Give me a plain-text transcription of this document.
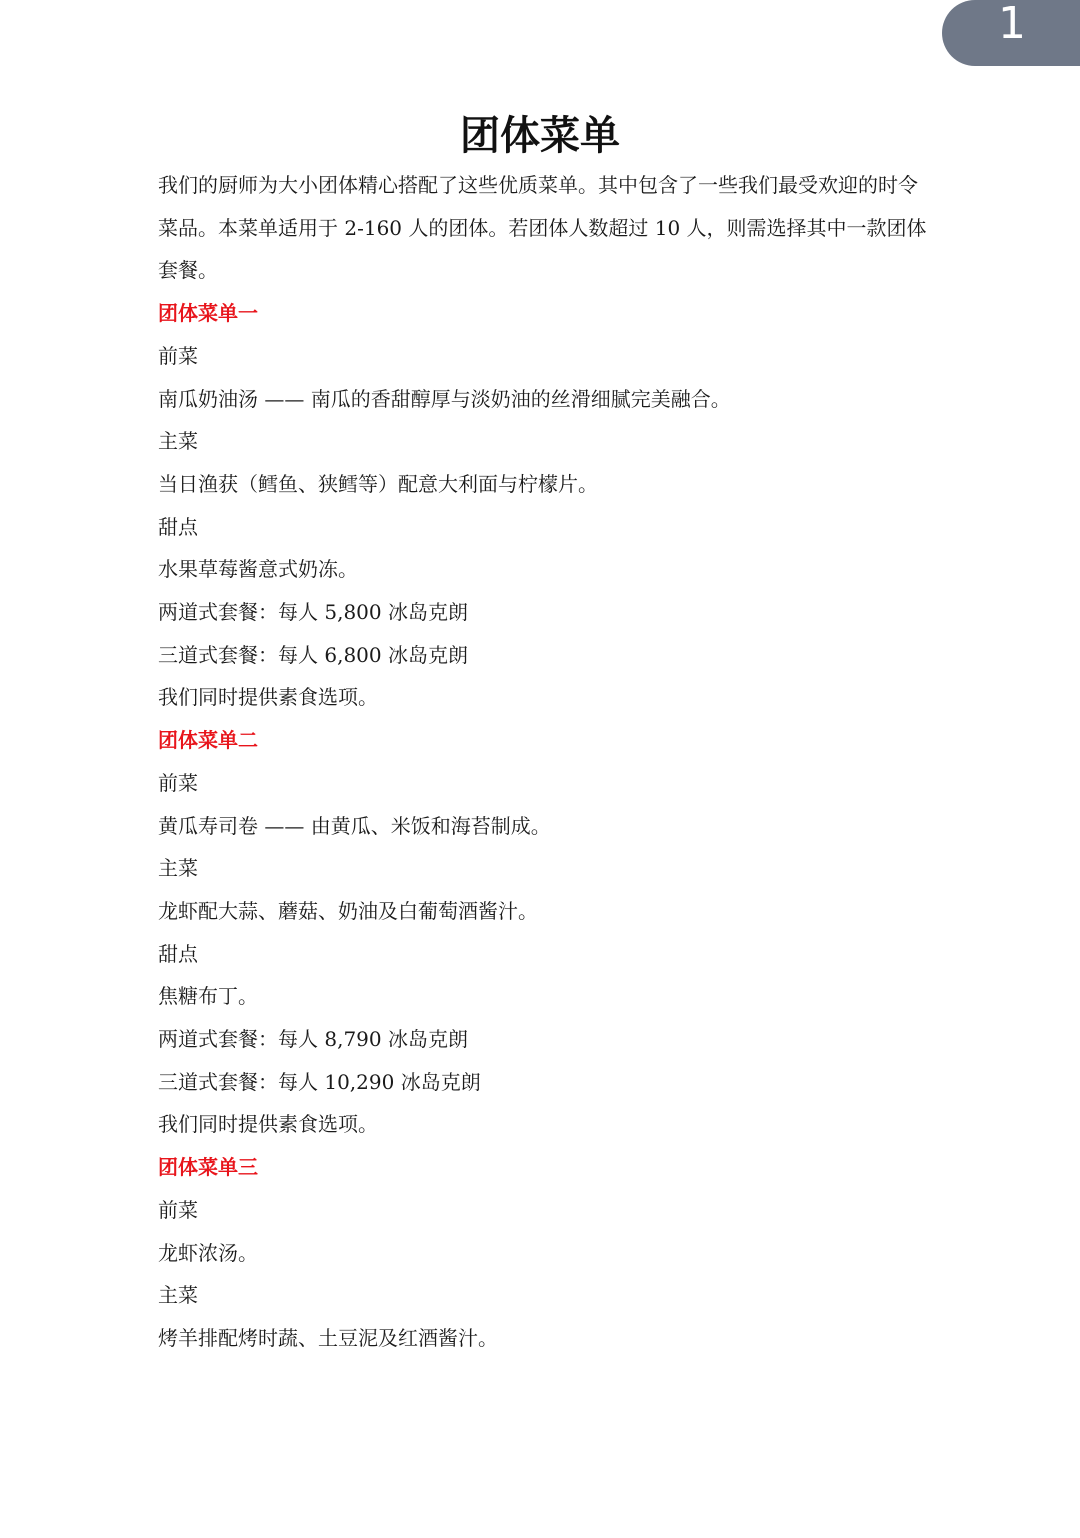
1
团体菜单

我们的厨师为大小团体精心搭配了这些优质菜单。其中包含了一些我们最受欢迎的时令菜品。本菜单适用于 2-160 人的团体。若团体人数超过 10 人，则需选择其中一款团体套餐。

团体菜单一

前菜

南瓜奶油汤 —— 南瓜的香甜醇厚与淡奶油的丝滑细腻完美融合。

主菜

当日渔获（鳕鱼、狭鳕等）配意大利面与柠檬片。

甜点

水果草莓酱意式奶冻。

两道式套餐：每人 5,800 冰岛克朗

三道式套餐：每人 6,800 冰岛克朗

我们同时提供素食选项。

团体菜单二

前菜

黄瓜寿司卷 —— 由黄瓜、米饭和海苔制成。

主菜

龙虾配大蒜、蘑菇、奶油及白葡萄酒酱汁。

甜点

焦糖布丁。

两道式套餐：每人 8,790 冰岛克朗

三道式套餐：每人 10,290 冰岛克朗

我们同时提供素食选项。

团体菜单三

前菜

龙虾浓汤。

主菜

烤羊排配烤时蔬、土豆泥及红酒酱汁。
